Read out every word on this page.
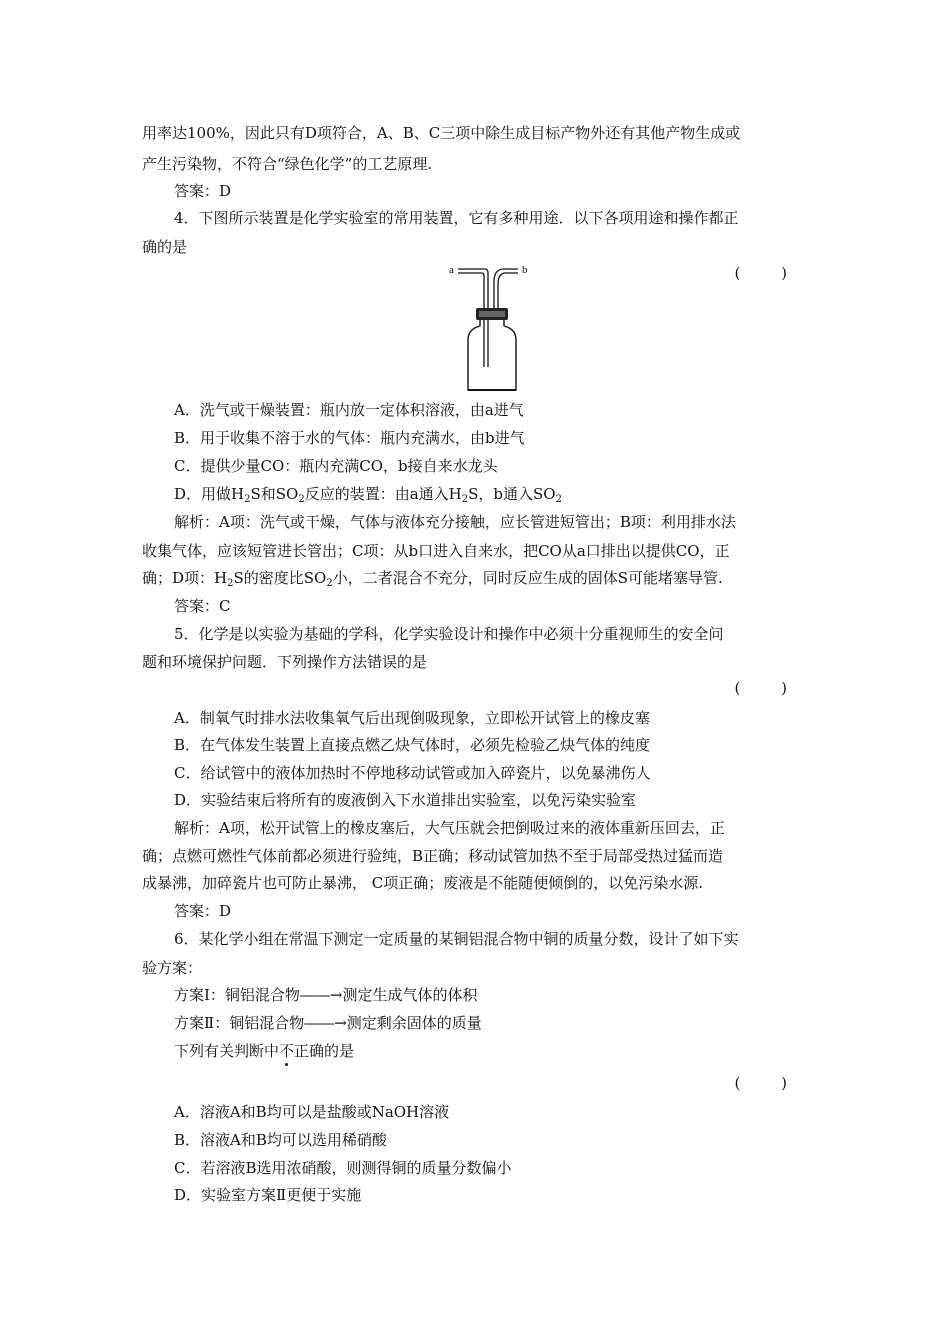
用率达100%，因此只有D项符合，A、B、C三项中除生成目标产物外还有其他产物生成或
产生污染物，不符合“绿色化学”的工艺原理.
答案：D
4．下图所示装置是化学实验室的常用装置，它有多种用途．以下各项用途和操作都正
确的是
( )
a	b
A．洗气或干燥装置：瓶内放一定体积溶液，由a进气
B．用于收集不溶于水的气体：瓶内充满水，由b进气
C．提供少量CO：瓶内充满CO，b接自来水龙头
D．用做$H_2S$和$SO_2$反应的装置：由a通入$H_2S$，b通入$SO_2$
解析：A项：洗气或干燥，气体与液体充分接触，应长管进短管出；B项：利用排水法
收集气体，应该短管进长管出；C项：从b口进入自来水，把CO从a口排出以提供CO，正
确；D项：$H_2S$的密度比$SO_2$小，二者混合不充分，同时反应生成的固体S可能堵塞导管.
答案：C
5．化学是以实验为基础的学科，化学实验设计和操作中必须十分重视师生的安全问
题和环境保护问题．下列操作方法错误的是
( )
A．制氧气时排水法收集氧气后出现倒吸现象，立即松开试管上的橡皮塞
B．在气体发生装置上直接点燃乙炔气体时，必须先检验乙炔气体的纯度
C．给试管中的液体加热时不停地移动试管或加入碎瓷片，以免暴沸伤人
D．实验结束后将所有的废液倒入下水道排出实验室，以免污染实验室
解析：A项，松开试管上的橡皮塞后，大气压就会把倒吸过来的液体重新压回去，正
确；点燃可燃性气体前都必须进行验纯，B正确；移动试管加热不至于局部受热过猛而造
成暴沸，加碎瓷片也可防止暴沸， C项正确；废液是不能随便倾倒的，以免污染水源.
答案：D
6．某化学小组在常温下测定一定质量的某铜铝混合物中铜的质量分数，设计了如下实
验方案：
方案Ⅰ：铜铝混合物――→测定生成气体的体积
方案Ⅱ：铜铝混合物――→测定剩余固体的质量
下列有关判断中不正确的是
( )
A．溶液A和B均可以是盐酸或NaOH溶液
B．溶液A和B均可以选用稀硝酸
C．若溶液B选用浓硝酸，则测得铜的质量分数偏小
D．实验室方案Ⅱ更便于实施
